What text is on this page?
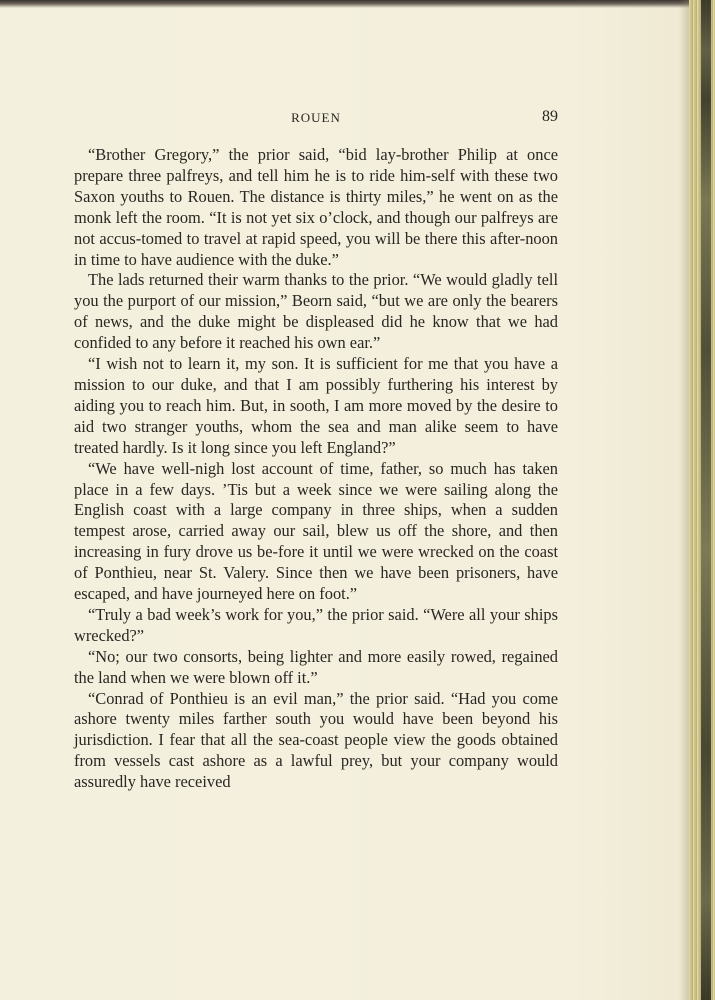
ROUEN	89

“Brother Gregory,” the prior said, “bid lay-brother Philip at once prepare three palfreys, and tell him he is to ride him-self with these two Saxon youths to Rouen. The distance is thirty miles,” he went on as the monk left the room. “It is not yet six o’clock, and though our palfreys are not accus-tomed to travel at rapid speed, you will be there this after-noon in time to have audience with the duke.”

The lads returned their warm thanks to the prior. “We would gladly tell you the purport of our mission,” Beorn said, “but we are only the bearers of news, and the duke might be displeased did he know that we had confided to any before it reached his own ear.”

“I wish not to learn it, my son. It is sufficient for me that you have a mission to our duke, and that I am possibly furthering his interest by aiding you to reach him. But, in sooth, I am more moved by the desire to aid two stranger youths, whom the sea and man alike seem to have treated hardly. Is it long since you left England?”

“We have well-nigh lost account of time, father, so much has taken place in a few days. ’Tis but a week since we were sailing along the English coast with a large company in three ships, when a sudden tempest arose, carried away our sail, blew us off the shore, and then increasing in fury drove us be-fore it until we were wrecked on the coast of Ponthieu, near St. Valery. Since then we have been prisoners, have escaped, and have journeyed here on foot.”

“Truly a bad week’s work for you,” the prior said. “Were all your ships wrecked?”

“No; our two consorts, being lighter and more easily rowed, regained the land when we were blown off it.”

“Conrad of Ponthieu is an evil man,” the prior said. “Had you come ashore twenty miles farther south you would have been beyond his jurisdiction. I fear that all the sea-coast people view the goods obtained from vessels cast ashore as a lawful prey, but your company would assuredly have received
